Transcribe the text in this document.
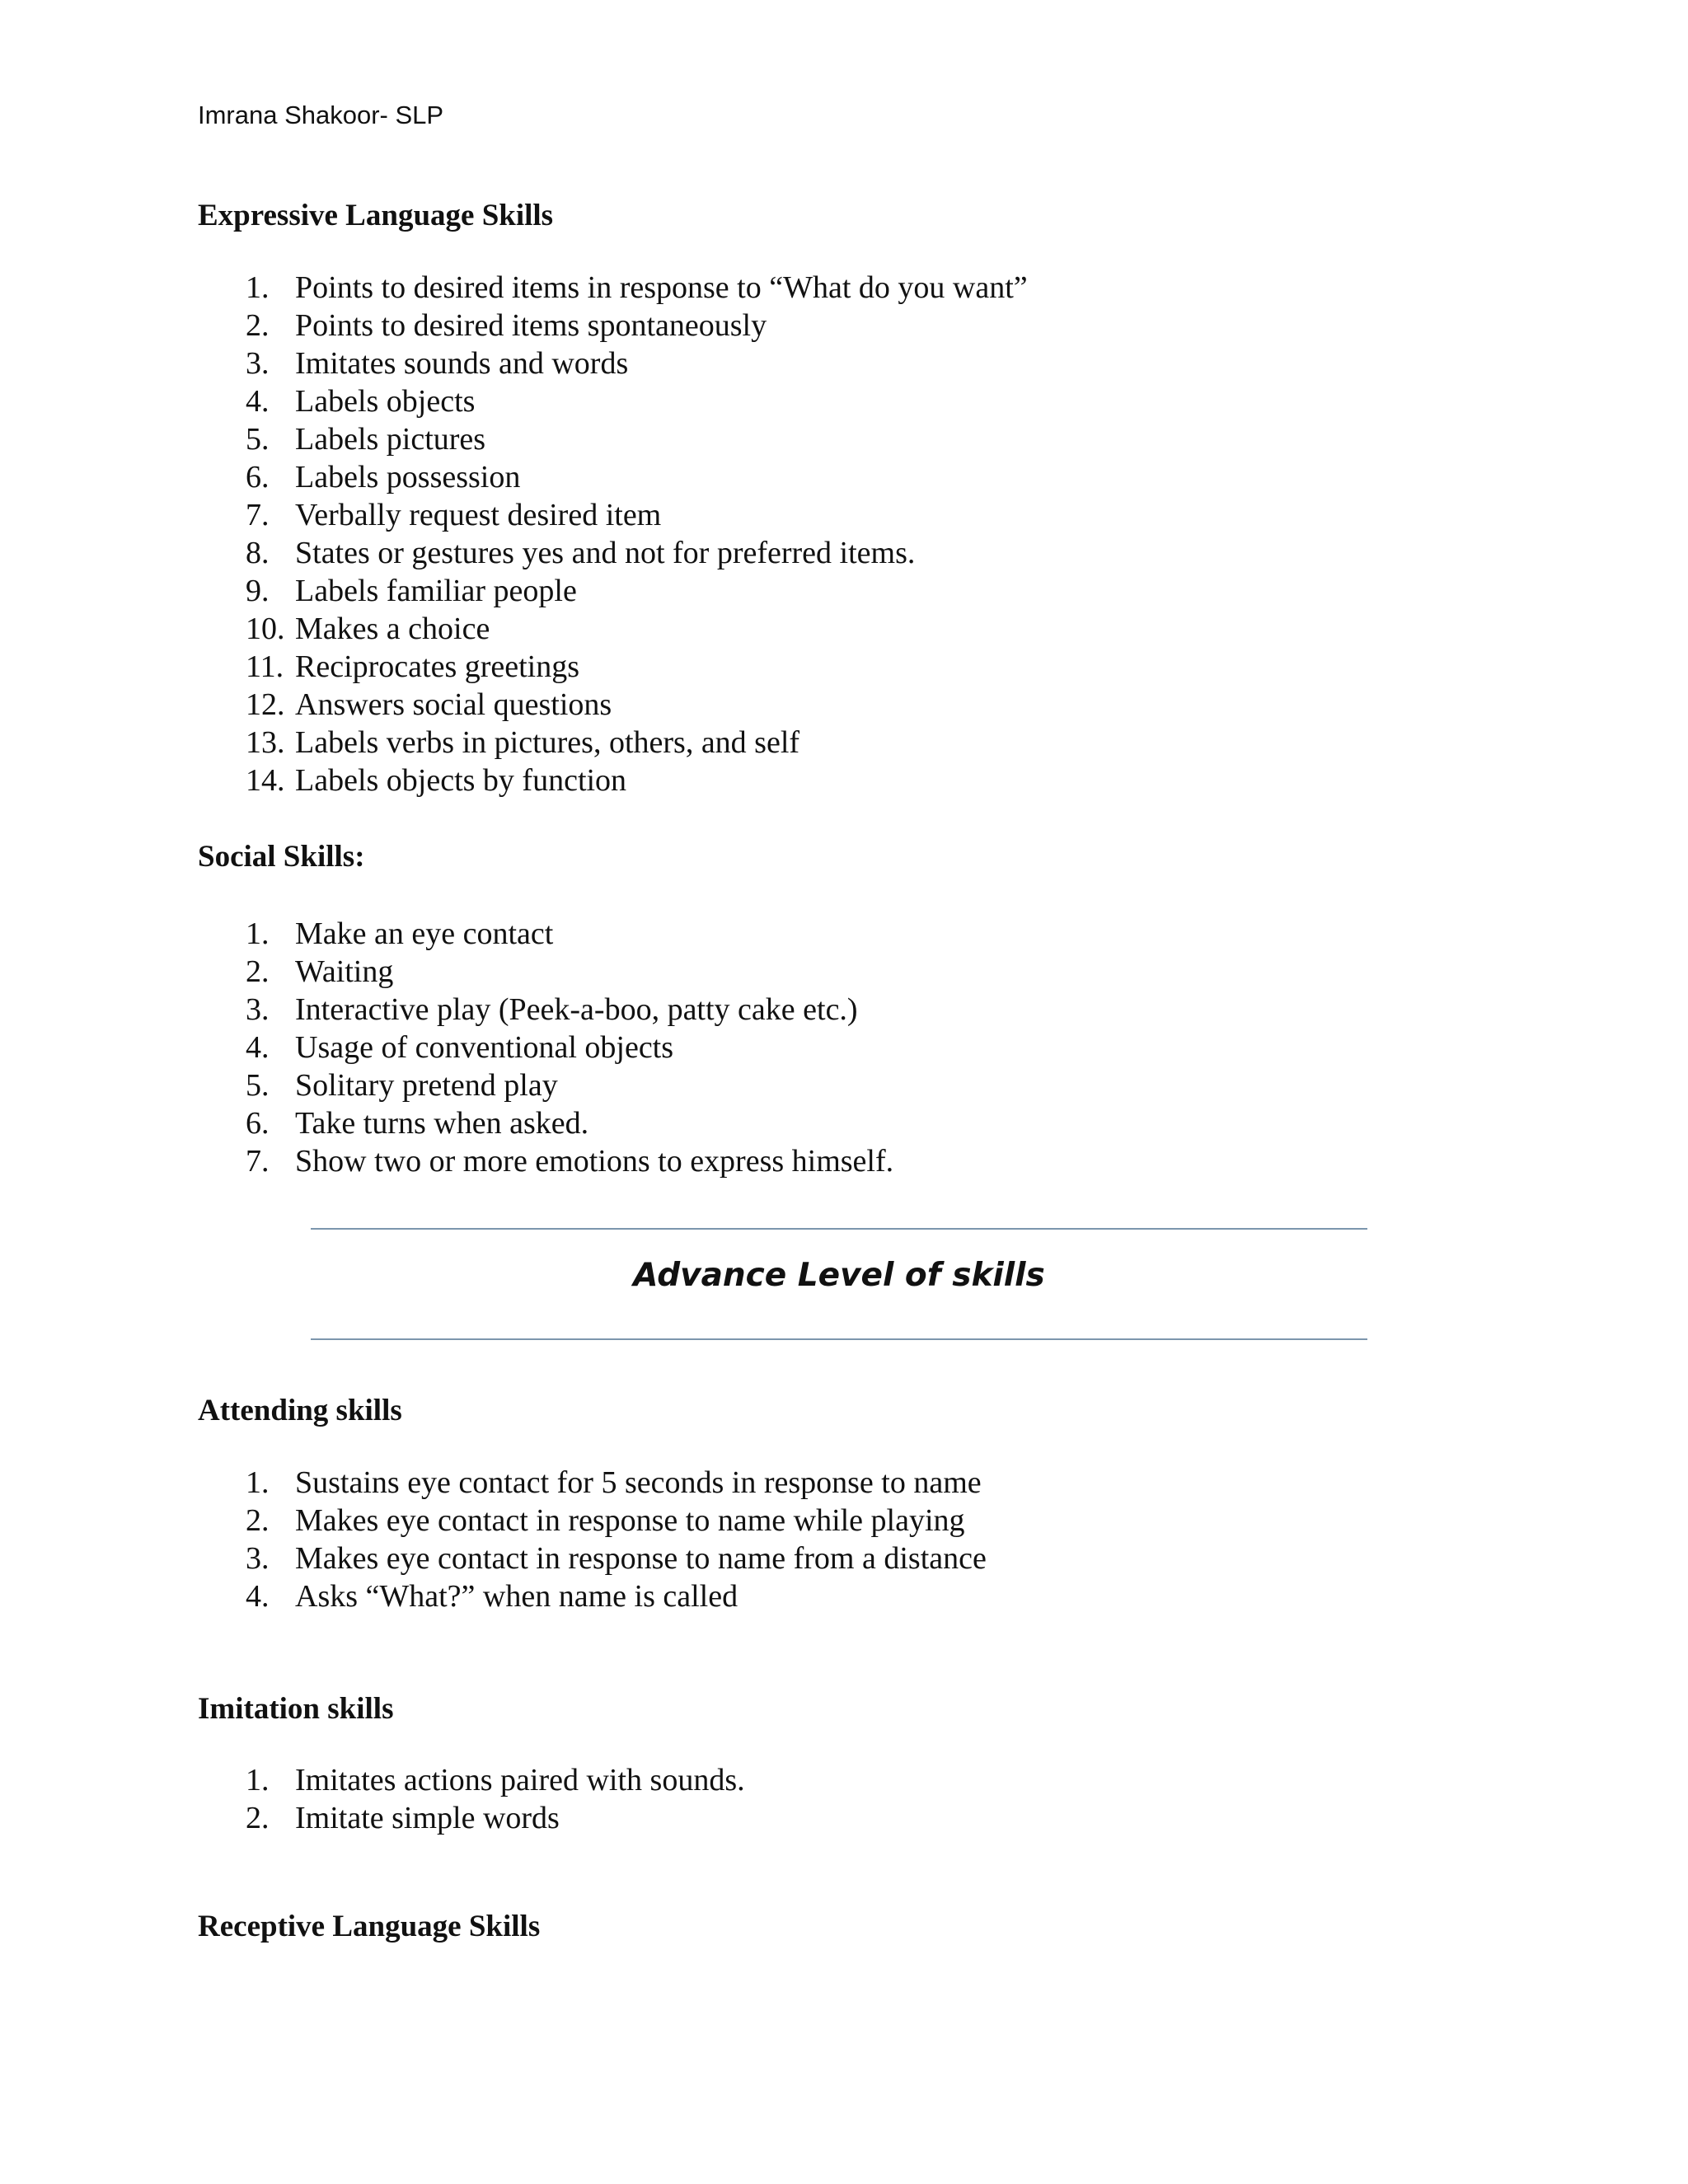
Imrana Shakoor- SLP
Expressive Language Skills
1. Points to desired items in response to “What do you want”
2. Points to desired items spontaneously
3. Imitates sounds and words
4. Labels objects
5. Labels pictures
6. Labels possession
7. Verbally request desired item
8. States or gestures yes and not for preferred items.
9. Labels familiar people
10. Makes a choice
11. Reciprocates greetings
12. Answers social questions
13. Labels verbs in pictures, others, and self
14. Labels objects by function
Social Skills:
1. Make an eye contact
2. Waiting
3. Interactive play (Peek-a-boo, patty cake etc.)
4. Usage of conventional objects
5. Solitary pretend play
6. Take turns when asked.
7. Show two or more emotions to express himself.
Advance Level of skills
Attending skills
1. Sustains eye contact for 5 seconds in response to name
2. Makes eye contact in response to name while playing
3. Makes eye contact in response to name from a distance
4. Asks “What?” when name is called
Imitation skills
1. Imitates actions paired with sounds.
2. Imitate simple words
Receptive Language Skills
